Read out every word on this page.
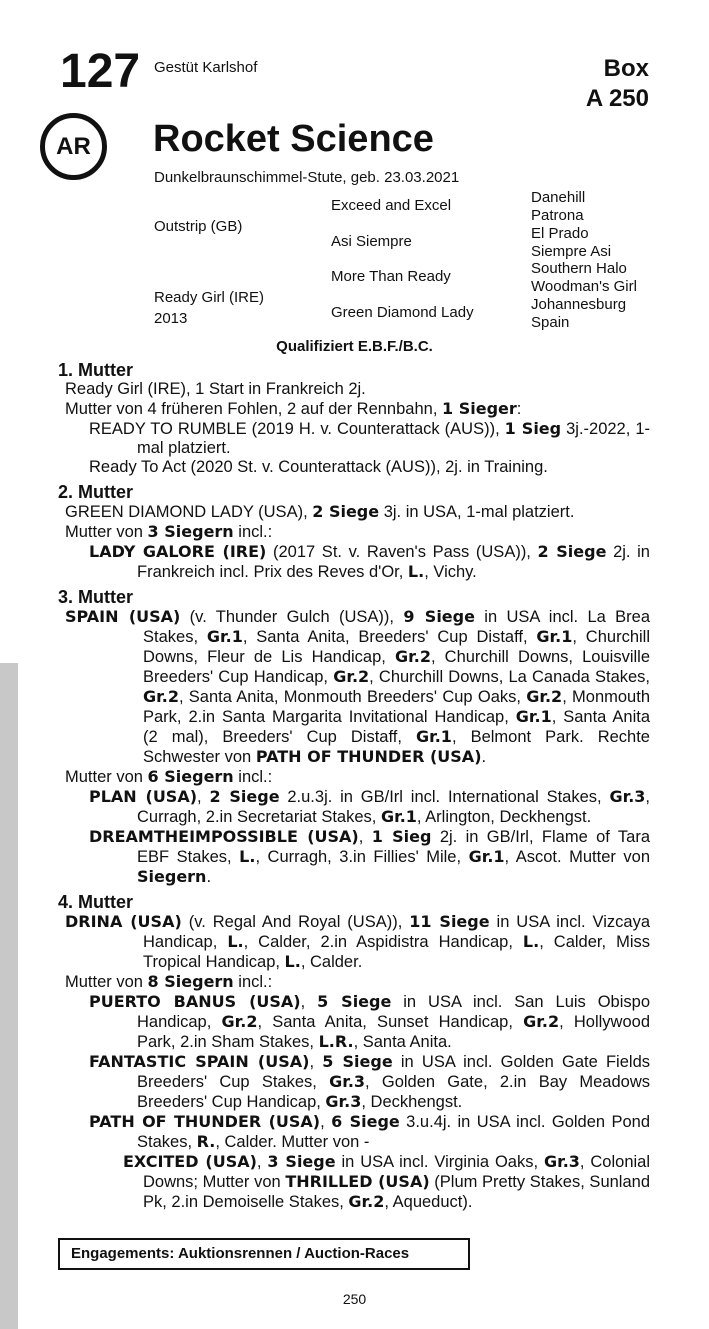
127 Gestüt Karlshof	Box
A 250
AR	Rocket Science
Dunkelbraunschimmel-Stute, geb. 23.03.2021
Outstrip (GB)
Ready Girl (IRE)
2013
Exceed and Excel
Asi Siempre
More Than Ready
Green Diamond Lady
Danehill
Patrona
El Prado
Siempre Asi
Southern Halo
Woodman's Girl
Johannesburg
Spain
Qualifiziert E.B.F./B.C.
1. Mutter
Ready Girl (IRE), 1 Start in Frankreich 2j.
Mutter von 4 früheren Fohlen, 2 auf der Rennbahn, 1 Sieger:
READY TO RUMBLE (2019 H. v. Counterattack (AUS)), 1 Sieg 3j.-2022, 1-mal platziert.
Ready To Act (2020 St. v. Counterattack (AUS)), 2j. in Training.
2. Mutter
GREEN DIAMOND LADY (USA), 2 Siege 3j. in USA, 1-mal platziert.
Mutter von 3 Siegern incl.:
LADY GALORE (IRE) (2017 St. v. Raven's Pass (USA)), 2 Siege 2j. in Frankreich incl. Prix des Reves d'Or, L., Vichy.
3. Mutter
SPAIN (USA) (v. Thunder Gulch (USA)), 9 Siege in USA incl. La Brea Stakes, Gr.1, Santa Anita, Breeders' Cup Distaff, Gr.1, Churchill Downs, Fleur de Lis Handicap, Gr.2, Churchill Downs, Louisville Breeders' Cup Handicap, Gr.2, Churchill Downs, La Canada Stakes, Gr.2, Santa Anita, Monmouth Breeders' Cup Oaks, Gr.2, Monmouth Park, 2.in Santa Margarita Invitational Handicap, Gr.1, Santa Anita (2 mal), Breeders' Cup Distaff, Gr.1, Belmont Park. Rechte Schwester von PATH OF THUNDER (USA).
Mutter von 6 Siegern incl.:
PLAN (USA), 2 Siege 2.u.3j. in GB/Irl incl. International Stakes, Gr.3, Curragh, 2.in Secretariat Stakes, Gr.1, Arlington, Deckhengst.
DREAMTHEIMPOSSIBLE (USA), 1 Sieg 2j. in GB/Irl, Flame of Tara EBF Stakes, L., Curragh, 3.in Fillies' Mile, Gr.1, Ascot. Mutter von Siegern.
4. Mutter
DRINA (USA) (v. Regal And Royal (USA)), 11 Siege in USA incl. Vizcaya Handicap, L., Calder, 2.in Aspidistra Handicap, L., Calder, Miss Tropical Handicap, L., Calder.
Mutter von 8 Siegern incl.:
PUERTO BANUS (USA), 5 Siege in USA incl. San Luis Obispo Handicap, Gr.2, Santa Anita, Sunset Handicap, Gr.2, Hollywood Park, 2.in Sham Stakes, L.R., Santa Anita.
FANTASTIC SPAIN (USA), 5 Siege in USA incl. Golden Gate Fields Breeders' Cup Stakes, Gr.3, Golden Gate, 2.in Bay Meadows Breeders' Cup Handicap, Gr.3, Deckhengst.
PATH OF THUNDER (USA), 6 Siege 3.u.4j. in USA incl. Golden Pond Stakes, R., Calder. Mutter von -
EXCITED (USA), 3 Siege in USA incl. Virginia Oaks, Gr.3, Colonial Downs; Mutter von THRILLED (USA) (Plum Pretty Stakes, Sunland Pk, 2.in Demoiselle Stakes, Gr.2, Aqueduct).
Engagements: Auktionsrennen / Auction-Races
250
